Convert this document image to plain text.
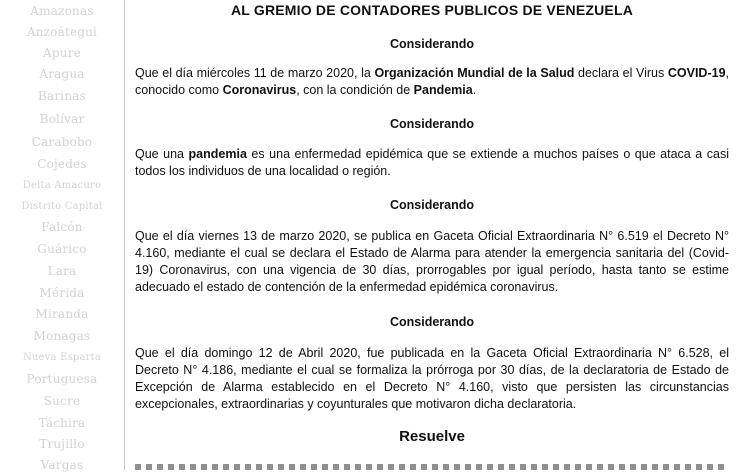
Amazonas
Anzoátegui
Apure
Aragua
Barinas
Bolívar
Carabobo
Cojedes
Delta Amacuro
Distrito Capital
Falcón
Guárico
Lara
Mérida
Miranda
Monagas
Nueva Esparta
Portuguesa
Sucre
Táchira
Trujillo
Vargas
AL GREMIO DE CONTADORES PUBLICOS DE VENEZUELA
Considerando
Que el día miércoles 11 de marzo 2020, la Organización Mundial de la Salud declara el Virus COVID-19, conocido como Coronavirus, con la condición de Pandemia.
Considerando
Que una pandemia es una enfermedad epidémica que se extiende a muchos países o que ataca a casi todos los individuos de una localidad o región.
Considerando
Que el día viernes 13 de marzo 2020, se publica en Gaceta Oficial Extraordinaria N° 6.519 el Decreto N° 4.160, mediante el cual se declara el Estado de Alarma para atender la emergencia sanitaria del (Covid-19) Coronavirus, con una vigencia de 30 días, prorrogables por igual período, hasta tanto se estime adecuado el estado de contención de la enfermedad epidémica coronavirus.
Considerando
Que el día domingo 12 de Abril 2020, fue publicada en la Gaceta Oficial Extraordinaria N° 6.528, el Decreto N° 4.186, mediante el cual se formaliza la prórroga por 30 días, de la declaratoria de Estado de Excepción de Alarma establecido en el Decreto N° 4.160, visto que persisten las circunstancias excepcionales, extraordinarias y coyunturales que motivaron dicha declaratoria.
Resuelve
